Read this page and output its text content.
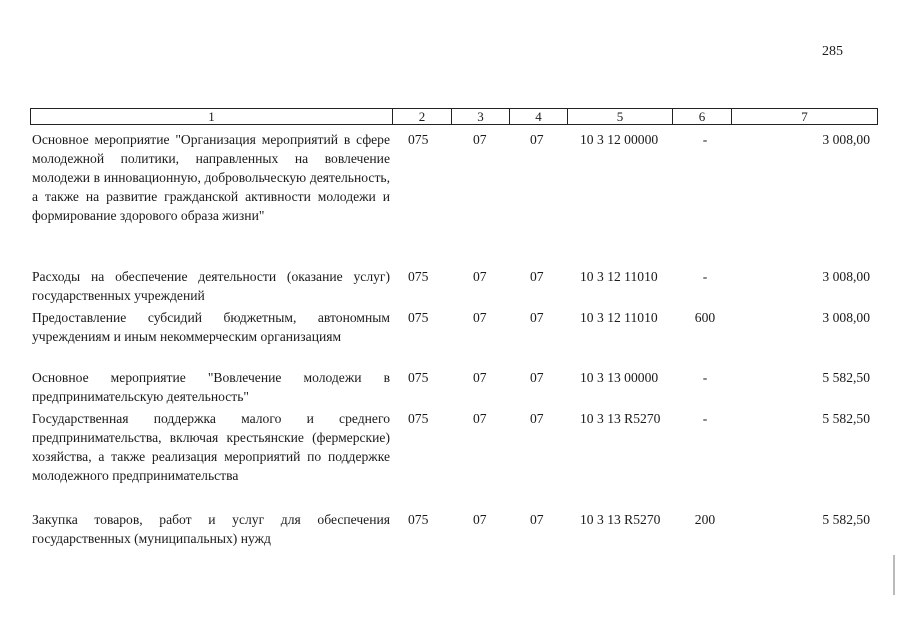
285
1	2	3	4	5	6	7
Основное мероприятие "Организация мероприятий в сфере молодежной политики, направленных на вовлечение молодежи в инновационную, добровольческую деятельность, а также на развитие гражданской активности молодежи и формирование здорового образа жизни"
075	07	07	10 3 12 00000	-	3 008,00
Расходы на обеспечение деятельности (оказание услуг) государственных учреждений
075	07	07	10 3 12 11010	-	3 008,00
Предоставление субсидий бюджетным, автономным учреждениям и иным некоммерческим организациям
075	07	07	10 3 12 11010	600	3 008,00
Основное мероприятие "Вовлечение молодежи в предпринимательскую деятельность"
075	07	07	10 3 13 00000	-	5 582,50
Государственная поддержка малого и среднего предпринимательства, включая крестьянские (фермерские) хозяйства, а также реализация мероприятий по поддержке молодежного предпринимательства
075	07	07	10 3 13 R5270	-	5 582,50
Закупка товаров, работ и услуг для обеспечения государственных (муниципальных) нужд
075	07	07	10 3 13 R5270	200	5 582,50
